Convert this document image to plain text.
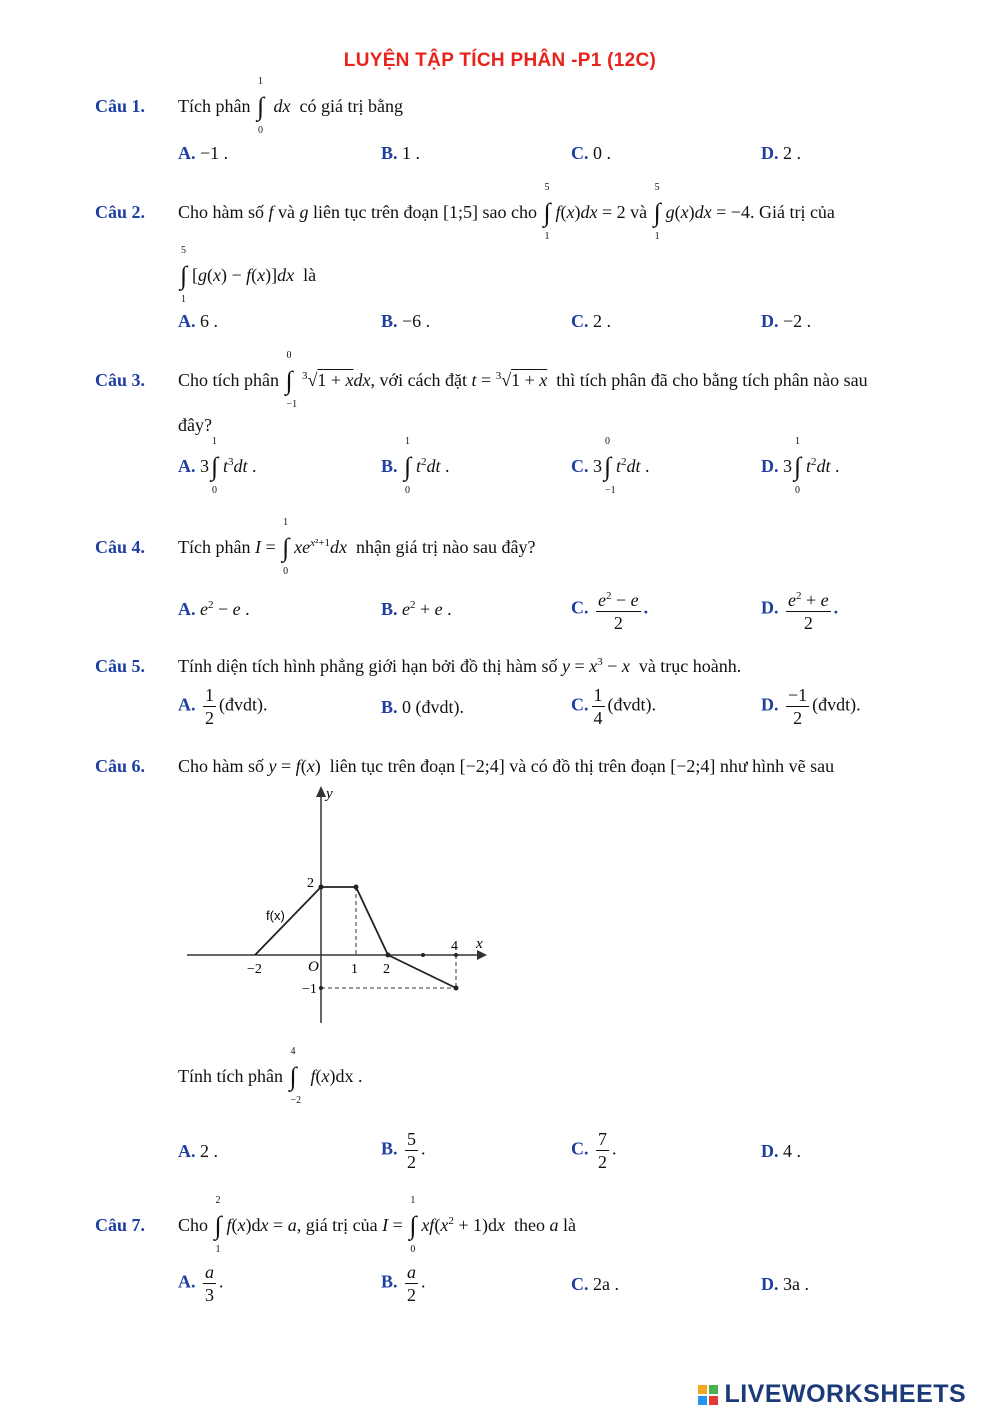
LUYỆN TẬP TÍCH PHÂN -P1 (12C)
Câu 1. Tích phân ∫
1
0
dx có giá trị bằng
A. −1 .	B. 1 .	C. 0 .	D. 2 .
Câu 2. Cho hàm số f và g liên tục trên đoạn [1;5] sao cho ∫
5
1
f(x)dx = 2 và ∫
5
1
g(x)dx = −4. Giá trị của
∫
5
1
[g(x) − f(x)]dx là
A. 6 .	B. −6 .	C. 2 .	D. −2 .
Câu 3. Cho tích phân ∫
0
−1
$^3$√1 + xdx, với cách đặt t = $^3$√1 + x thì tích phân đã cho bằng tích phân nào sau
đây?
A. 3 ∫
1
0
$t^3dt$ .	B. ∫
1
0
$t^2dt$ .	C. 3 ∫
0
−1
$t^2dt$ .	D. 3 ∫
1
0
$t^2dt$ .
Câu 4. Tích phân I = ∫
1
0
$xe^{x^2+1}dx$ nhận giá trị nào sau đây?
A. $e^2 - e$ .	B. $e^2 + e$ .	C. $\frac{e^2 - e}{2}$ .	D. $\frac{e^2 + e}{2}$ .
Câu 5. Tính diện tích hình phẳng giới hạn bởi đồ thị hàm số $y = x^3 - x$ và trục hoành.
A. $\frac{1}{2}$ (đvdt).	B. 0 (đvdt).	C. $\frac{1}{4}$ (đvdt).	D. $\frac{-1}{2}$ (đvdt).
Câu 6. Cho hàm số y = f(x)  liên tục trên đoạn [−2;4] và có đồ thị trên đoạn [−2;4] như hình vẽ sau
x
y
O
f(x)
−2	1 2
4
2
−1
Tính tích phân ∫
4
−2
f(x)dx .
A. 2 .	B. $\frac{5}{2}$ .	C. $\frac{7}{2}$ .	D. 4 .
Câu 7. Cho ∫
2
1
f(x)dx = a, giá trị của I = ∫
1
0
$xf(x^2 + 1)dx$ theo a là
A. $\frac{a}{3}$ .	B. $\frac{a}{2}$ .	C. 2a .	D. 3a .
LIVEWORKSHEETS
